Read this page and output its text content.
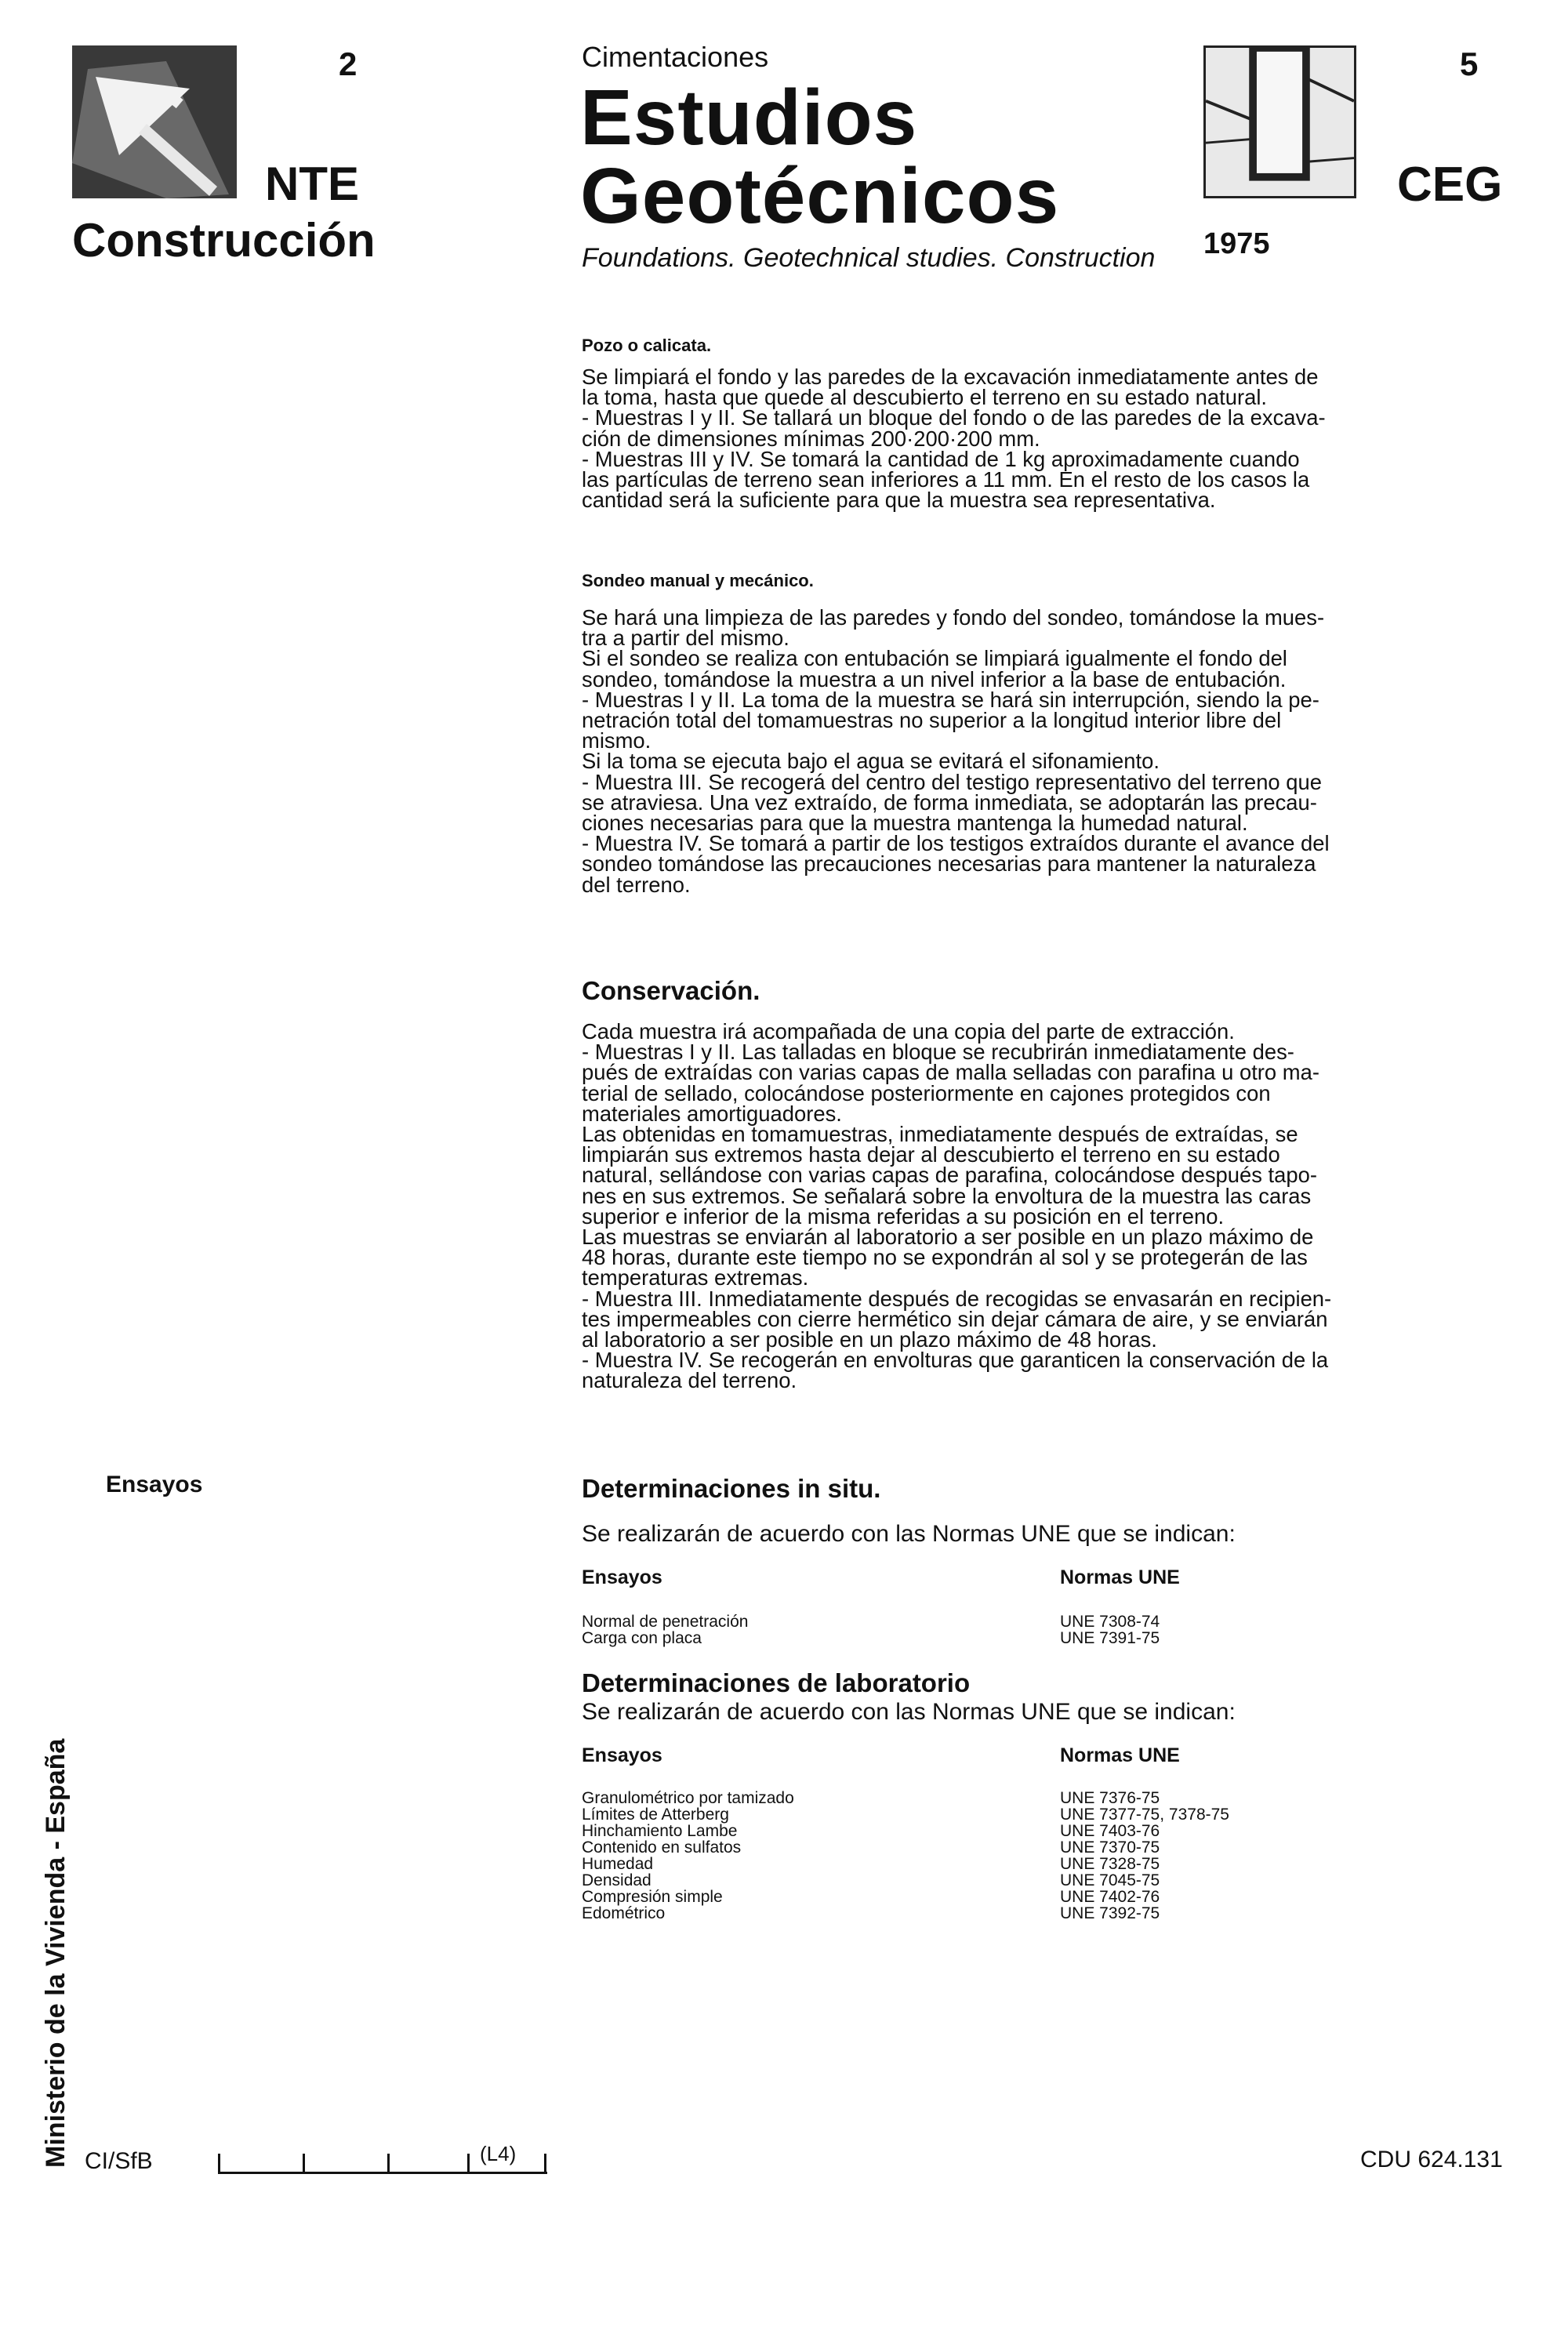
2
NTE
Construcción
Cimentaciones
Estudios
Geotécnicos
Foundations. Geotechnical studies. Construction 1975
5
CEG
Pozo o calicata.

Se limpiará el fondo y las paredes de la excavación inmediatamente antes de

la toma, hasta que quede al descubierto el terreno en su estado natural.

- Muestras I y II. Se tallará un bloque del fondo o de las paredes de la excava-

ción de dimensiones mínimas 200·200·200 mm.

- Muestras III y IV. Se tomará la cantidad de 1 kg aproximadamente cuando

las partículas de terreno sean inferiores a 11 mm. En el resto de los casos la

cantidad será la suficiente para que la muestra sea representativa.

Sondeo manual y mecánico.

Se hará una limpieza de las paredes y fondo del sondeo, tomándose la mues-

tra a partir del mismo.

Si el sondeo se realiza con entubación se limpiará igualmente el fondo del

sondeo, tomándose la muestra a un nivel inferior a la base de entubación.

- Muestras I y II. La toma de la muestra se hará sin interrupción, siendo la pe-

netración total del tomamuestras no superior a la longitud interior libre del

mismo.

Si la toma se ejecuta bajo el agua se evitará el sifonamiento.

- Muestra III. Se recogerá del centro del testigo representativo del terreno que

se atraviesa. Una vez extraído, de forma inmediata, se adoptarán las precau-

ciones necesarias para que la muestra mantenga la humedad natural.

- Muestra IV. Se tomará a partir de los testigos extraídos durante el avance del

sondeo tomándose las precauciones necesarias para mantener la naturaleza

del terreno.

Conservación.

Cada muestra irá acompañada de una copia del parte de extracción.

- Muestras I y II. Las talladas en bloque se recubrirán inmediatamente des-

pués de extraídas con varias capas de malla selladas con parafina u otro ma-

terial de sellado, colocándose posteriormente en cajones protegidos con

materiales amortiguadores.

Las obtenidas en tomamuestras, inmediatamente después de extraídas, se

limpiarán sus extremos hasta dejar al descubierto el terreno en su estado

natural, sellándose con varias capas de parafina, colocándose después tapo-

nes en sus extremos. Se señalará sobre la envoltura de la muestra las caras

superior e inferior de la misma referidas a su posición en el terreno.

Las muestras se enviarán al laboratorio a ser posible en un plazo máximo de

48 horas, durante este tiempo no se expondrán al sol y se protegerán de las

temperaturas extremas.

- Muestra III. Inmediatamente después de recogidas se envasarán en recipien-

tes impermeables con cierre hermético sin dejar cámara de aire, y se enviarán

al laboratorio a ser posible en un plazo máximo de 48 horas.

- Muestra IV. Se recogerán en envolturas que garanticen la conservación de la

naturaleza del terreno.

Ensayos
Ministerio de la Vivienda - España
Determinaciones in situ.
Se realizarán de acuerdo con las Normas UNE que se indican:
Ensayos	Normas UNE
Normal de penetración	UNE 7308-74
Carga con placa	UNE 7391-75
Determinaciones de laboratorio
Se realizarán de acuerdo con las Normas UNE que se indican:
Ensayos	Normas UNE
Granulométrico por tamizado	UNE 7376-75
Límites de Atterberg	UNE 7377-75, 7378-75
Hinchamiento Lambe	UNE 7403-76
Contenido en sulfatos	UNE 7370-75
Humedad	UNE 7328-75
Densidad	UNE 7045-75
Compresión simple	UNE 7402-76
Edométrico	UNE 7392-75
CI/SfB	(L4)	CDU 624.131
